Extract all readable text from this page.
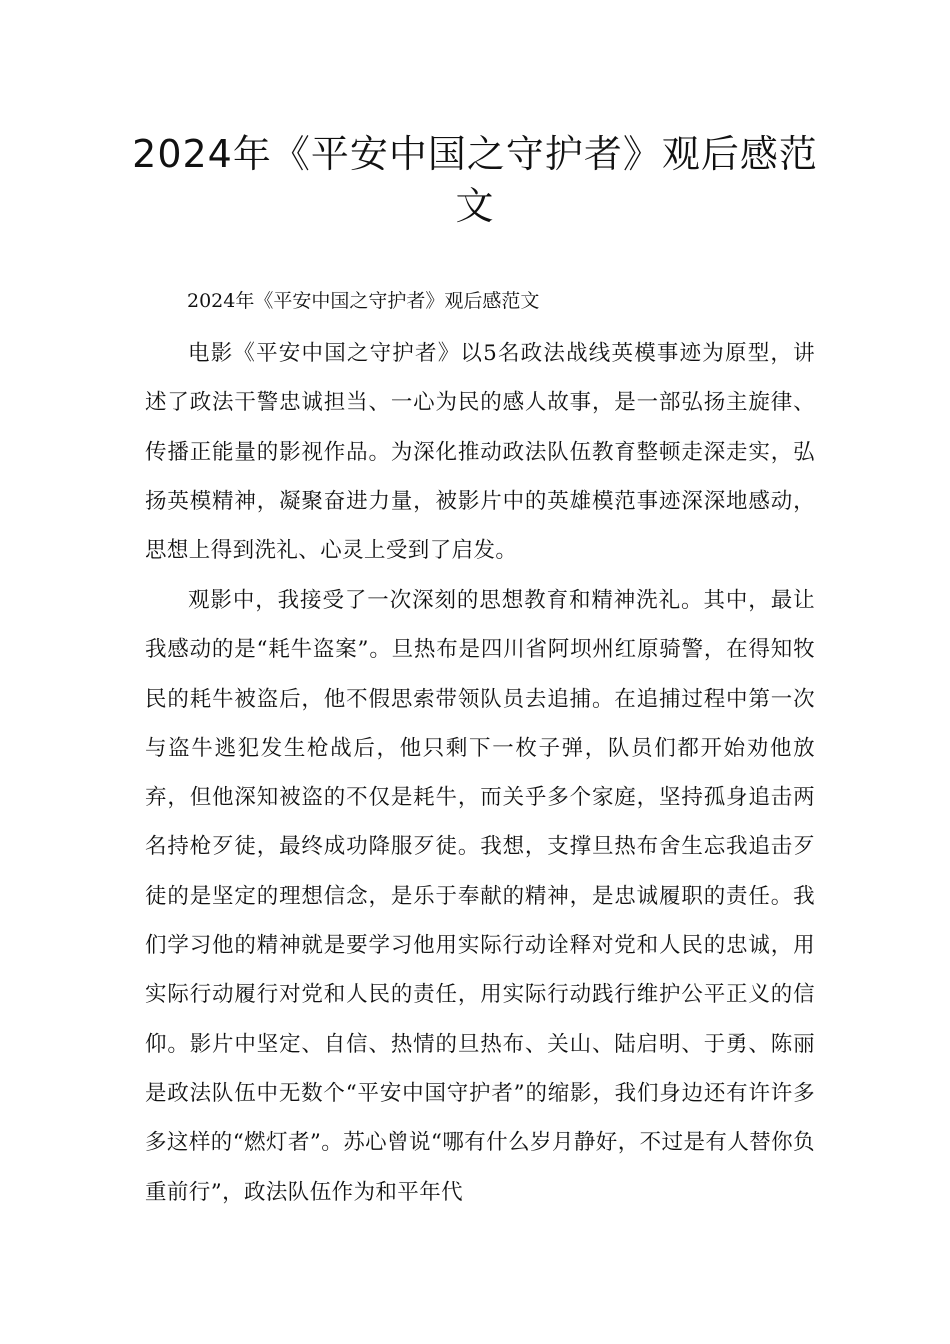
2024年《平安中国之守护者》观后感范文

2024年《平安中国之守护者》观后感范文

电影《平安中国之守护者》以5名政法战线英模事迹为原型，讲述了政法干警忠诚担当、一心为民的感人故事，是一部弘扬主旋律、传播正能量的影视作品。为深化推动政法队伍教育整顿走深走实，弘扬英模精神，凝聚奋进力量，被影片中的英雄模范事迹深深地感动，思想上得到洗礼、心灵上受到了启发。

观影中，我接受了一次深刻的思想教育和精神洗礼。其中，最让我感动的是“耗牛盗案”。旦热布是四川省阿坝州红原骑警，在得知牧民的耗牛被盗后，他不假思索带领队员去追捕。在追捕过程中第一次与盗牛逃犯发生枪战后，他只剩下一枚子弹，队员们都开始劝他放弃，但他深知被盗的不仅是耗牛，而关乎多个家庭，坚持孤身追击两名持枪歹徒，最终成功降服歹徒。我想，支撑旦热布舍生忘我追击歹徒的是坚定的理想信念，是乐于奉献的精神，是忠诚履职的责任。我们学习他的精神就是要学习他用实际行动诠释对党和人民的忠诚，用实际行动履行对党和人民的责任，用实际行动践行维护公平正义的信仰。影片中坚定、自信、热情的旦热布、关山、陆启明、于勇、陈丽是政法队伍中无数个“平安中国守护者”的缩影，我们身边还有许许多多这样的“燃灯者”。苏心曾说“哪有什么岁月静好，不过是有人替你负重前行”，政法队伍作为和平年代
